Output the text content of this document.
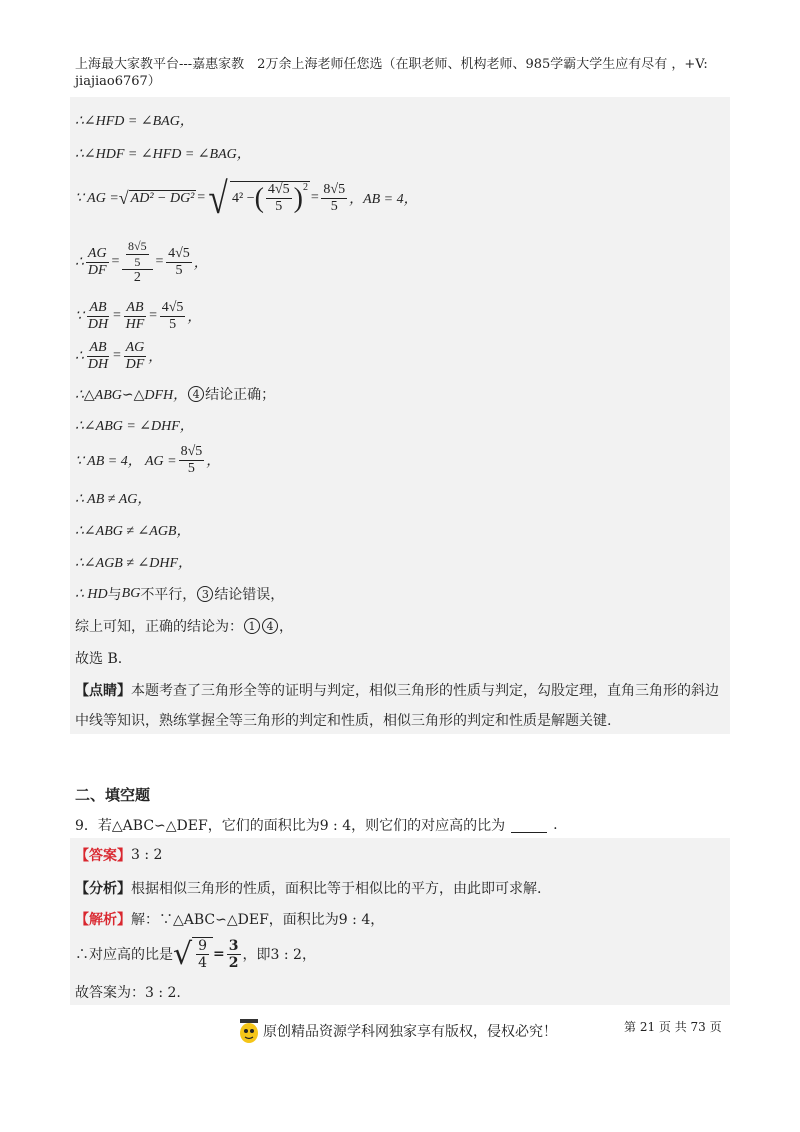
上海最大家教平台---嘉惠家教　2万余上海老师任您选（在职老师、机构老师、985学霸大学生应有尽有 ，+V:
jiajiao6767）
∴∠HFD = ∠BAG，
∴∠HDF = ∠HFD = ∠BAG，
∵ AG = √ AD² − DG² = √ 4² − ( $\frac{4√5}{5} )^2$
= $\frac{8√5}{5}$ ，AB = 4，
∴ $\frac{AG}{DF} = \frac{\frac{8√5}{5}}{2} = \frac{4√5}{5}$ ，
∵ $\frac{AB}{DH} = \frac{AB}{HF} = \frac{4√5}{5}$ ，
∴ $\frac{AB}{DH} = \frac{AG}{DF}$ ，
∴△ABG∽△DFH， 4 结论正确；
∴∠ABG = ∠DHF，
∵ AB = 4， AG = $\frac{8√5}{5}$ ，
∴ AB ≠ AG，
∴∠ABG ≠ ∠AGB，
∴∠AGB ≠ ∠DHF，
∴ HD 与 BG 不平行， 3 结论错误，
综上可知，正确的结论为： 1	4 ，
故选 B.
【点睛】 本题考查了三角形全等的证明与判定，相似三角形的性质与判定，勾股定理，直角三角形的斜边
中线等知识，熟练掌握全等三角形的判定和性质，相似三角形的判定和性质是解题关键.
二、填空题
9．若△ABC∽△DEF，它们的面积比为9 : 4，则它们的对应高的比为	.
【答案】 3 : 2
【分析】 根据相似三角形的性质，面积比等于相似比的平方，由此即可求解.
【解析】 解：∵△ABC∽△DEF，面积比为9 : 4，
∴对应高的比是 √ $\frac{9}{4} = \frac{3}{2}$ ，即3 : 2，
故答案为：3 : 2.
原创精品资源学科网独家享有版权，侵权必究！	第 21 页 共 73 页
